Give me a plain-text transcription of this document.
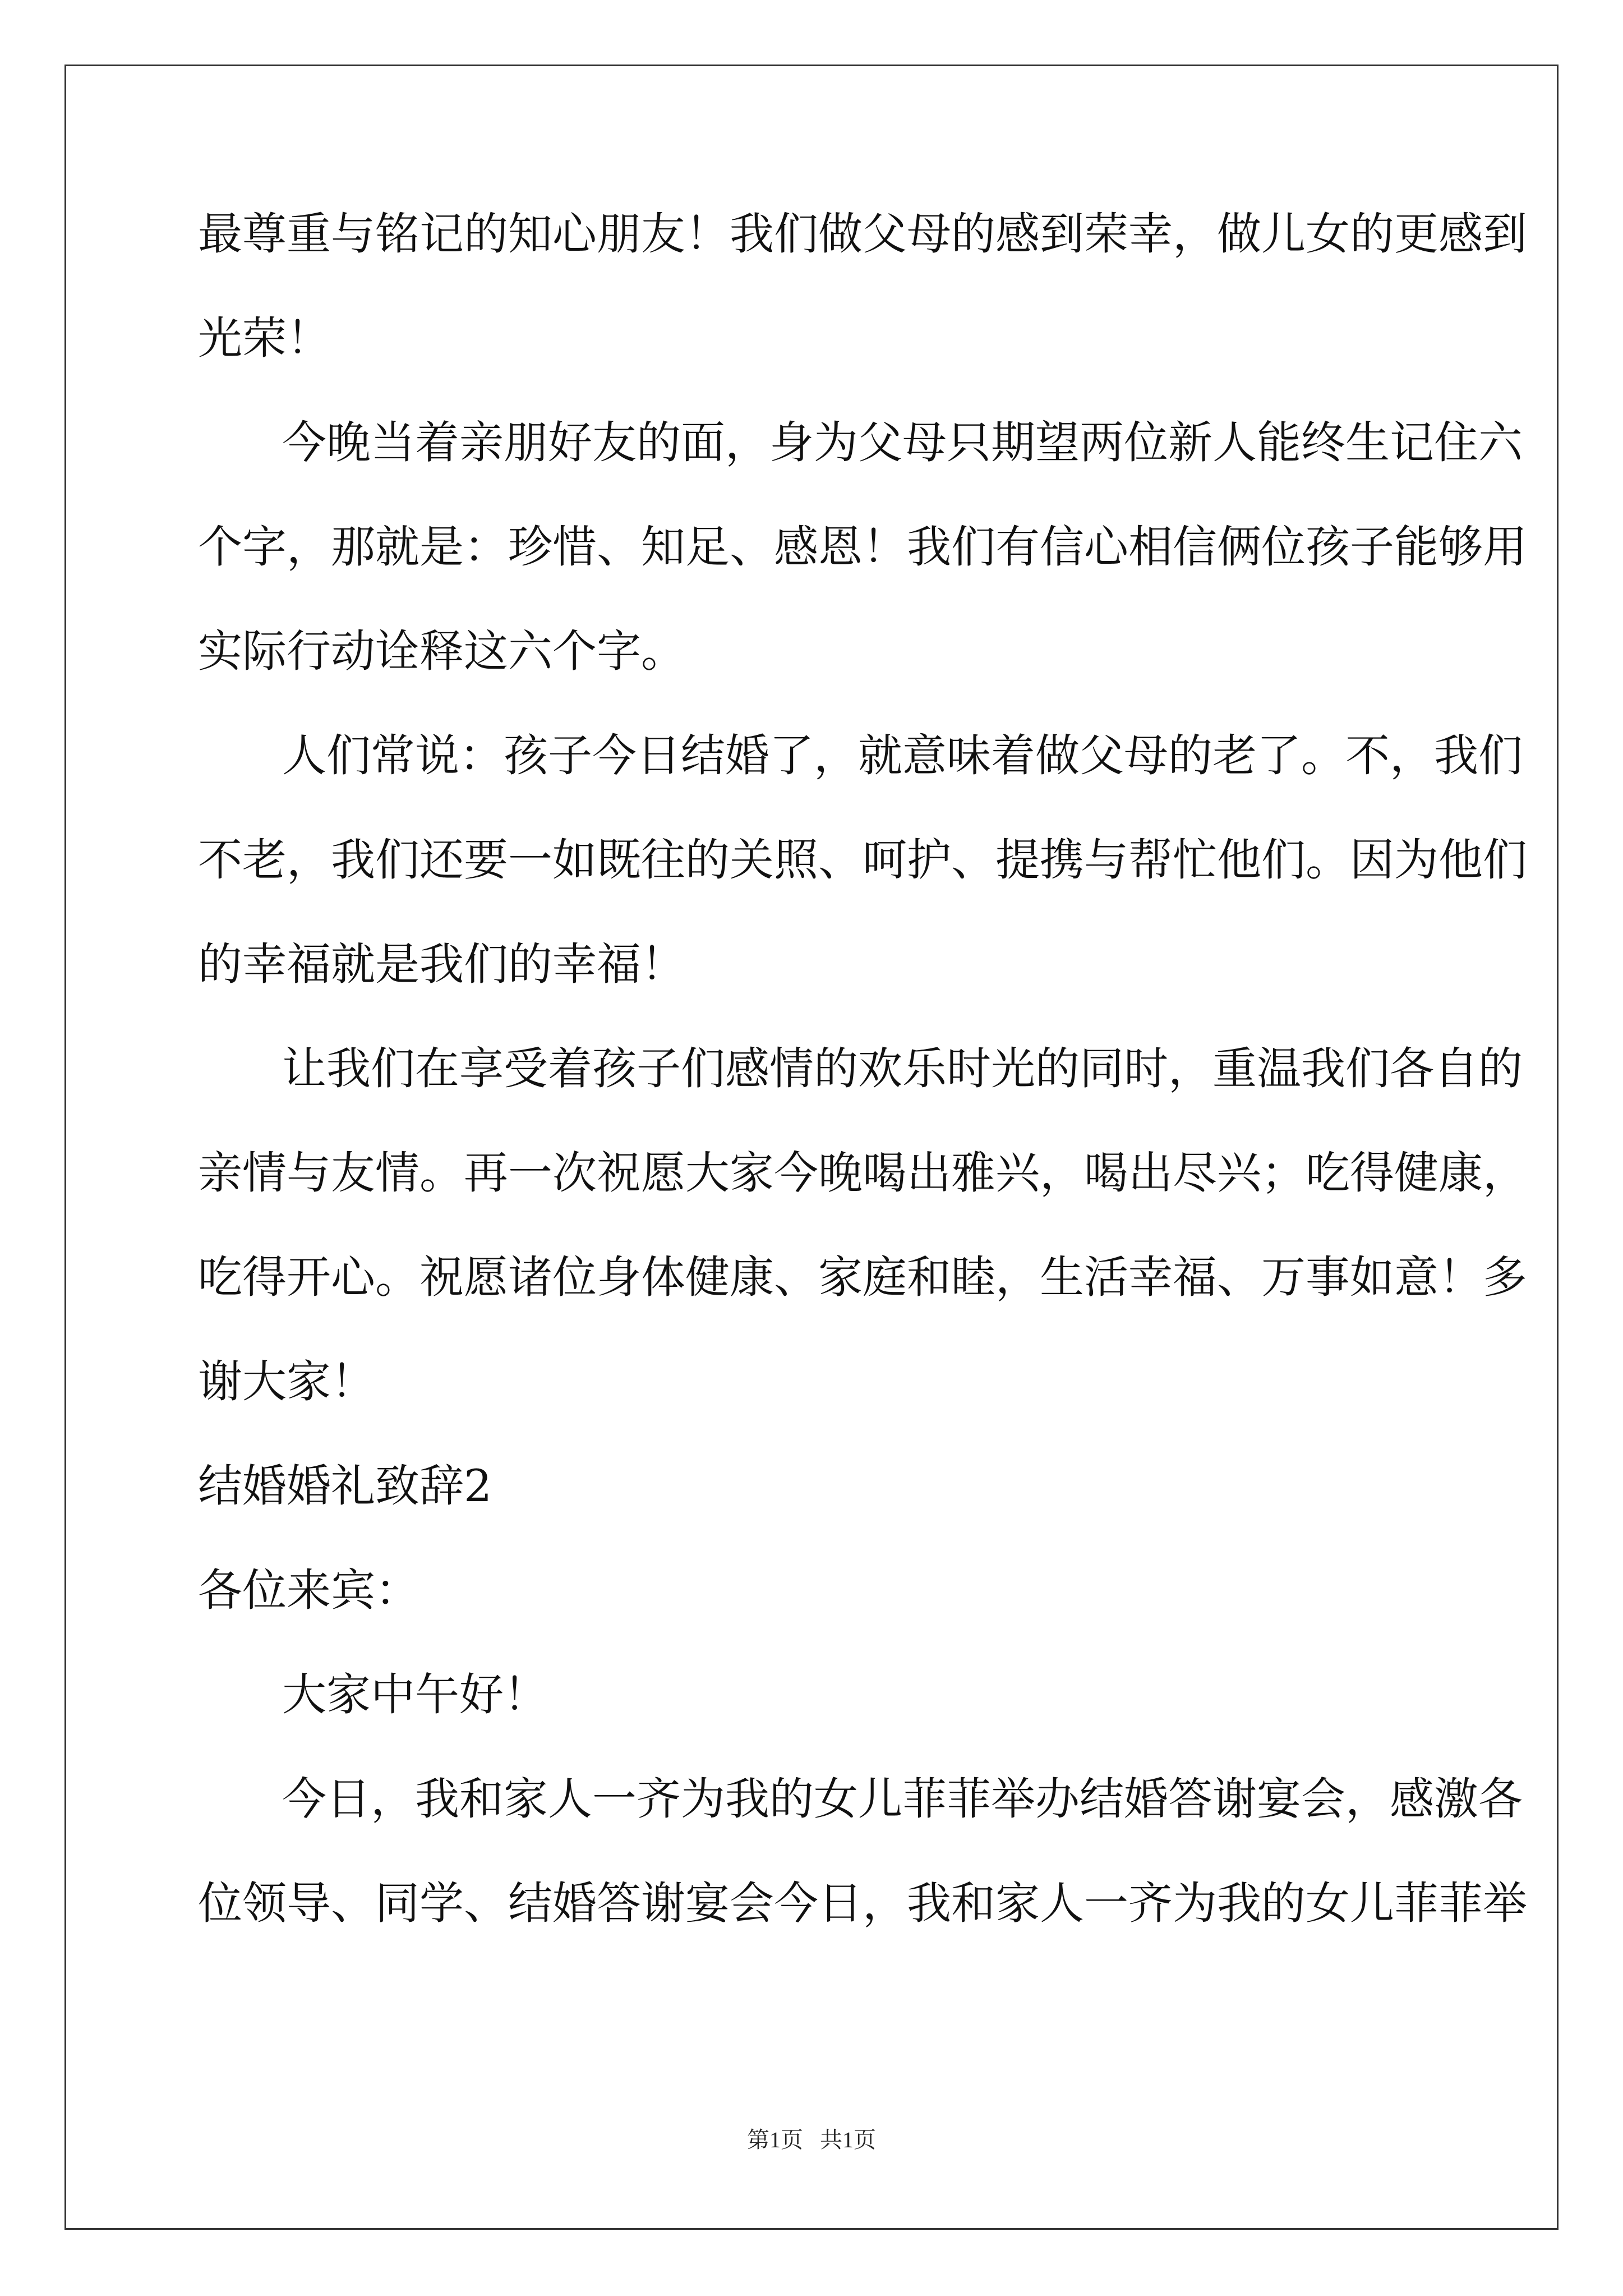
最尊重与铭记的知心朋友！我们做父母的感到荣幸，做儿女的更感到
光荣！
今晚当着亲朋好友的面，身为父母只期望两位新人能终生记住六
个字，那就是：珍惜、知足、感恩！我们有信心相信俩位孩子能够用
实际行动诠释这六个字。
人们常说：孩子今日结婚了，就意味着做父母的老了。不，我们
不老，我们还要一如既往的关照、呵护、提携与帮忙他们。因为他们
的幸福就是我们的幸福！
让我们在享受着孩子们感情的欢乐时光的同时，重温我们各自的
亲情与友情。再一次祝愿大家今晚喝出雅兴，喝出尽兴；吃得健康，
吃得开心。祝愿诸位身体健康、家庭和睦，生活幸福、万事如意！多
谢大家！
结婚婚礼致辞2
各位来宾：
大家中午好！
今日，我和家人一齐为我的女儿菲菲举办结婚答谢宴会，感激各
位领导、同学、结婚答谢宴会今日，我和家人一齐为我的女儿菲菲举
第1页 共1页
